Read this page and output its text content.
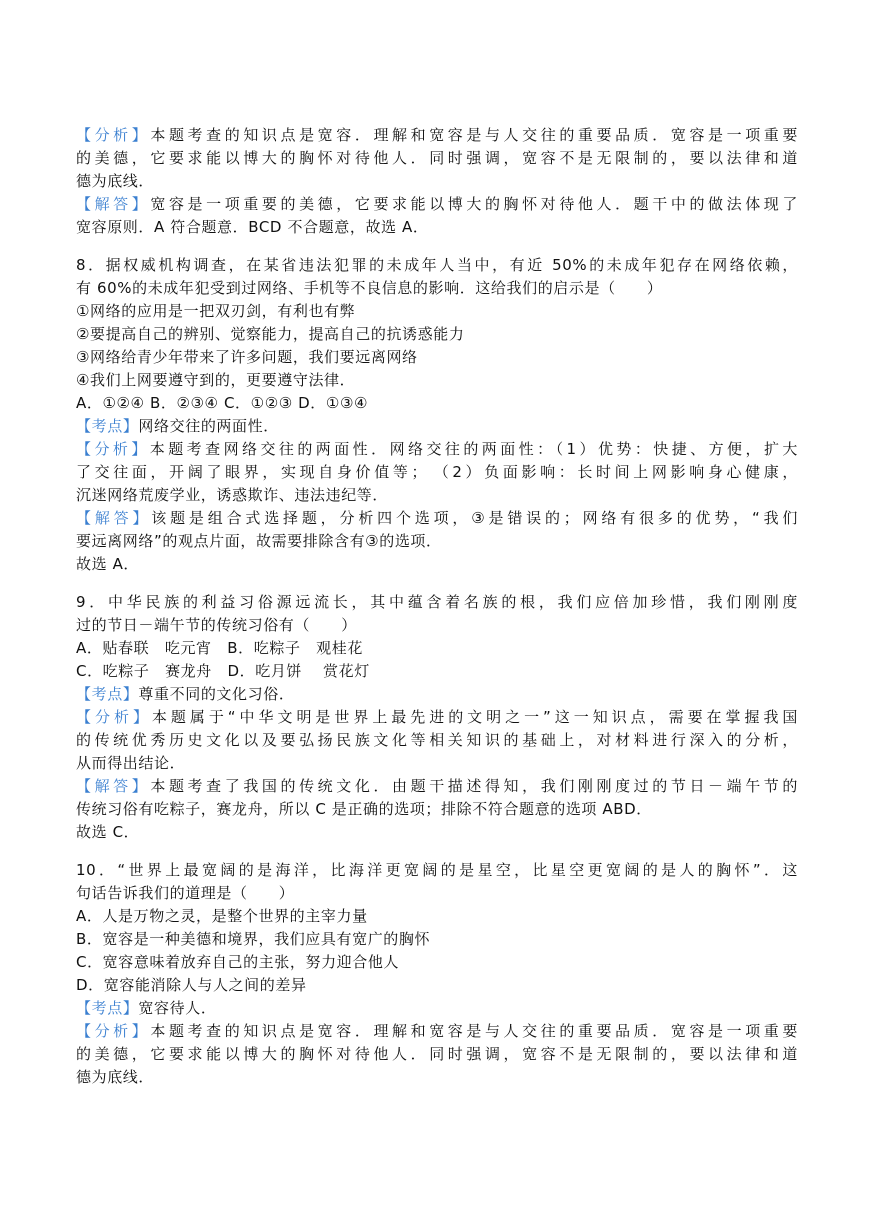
【分析】本题考查的知识点是宽容．理解和宽容是与人交往的重要品质．宽容是一项重要
的美德，它要求能以博大的胸怀对待他人．同时强调，宽容不是无限制的，要以法律和道
德为底线．
【解答】宽容是一项重要的美德，它要求能以博大的胸怀对待他人．题干中的做法体现了
宽容原则．A 符合题意．BCD 不合题意，故选 A．
8．据权威机构调查，在某省违法犯罪的未成年人当中，有近 50%的未成年犯存在网络依赖，
有 60%的未成年犯受到过网络、手机等不良信息的影响．这给我们的启示是（　　）
①网络的应用是一把双刃剑，有利也有弊
②要提高自己的辨别、觉察能力，提高自己的抗诱惑能力
③网络给青少年带来了许多问题，我们要远离网络
④我们上网要遵守到的，更要遵守法律．
A．①②④ B．②③④ C．①②③ D．①③④
【考点】网络交往的两面性．
【分析】本题考查网络交往的两面性．网络交往的两面性：（1）优势：快捷、方便，扩大
了交往面，开阔了眼界，实现自身价值等；　（2）负面影响：长时间上网影响身心健康，
沉迷网络荒废学业，诱惑欺诈、违法违纪等．
【解答】该题是组合式选择题，分析四个选项，③是错误的；网络有很多的优势，“我们
要远离网络”的观点片面，故需要排除含有③的选项．
故选 A．
9．中华民族的利益习俗源远流长，其中蕴含着名族的根，我们应倍加珍惜，我们刚刚度
过的节日－端午节的传统习俗有（　　）
A．贴春联　吃元宵　B．吃粽子　观桂花
C．吃粽子　赛龙舟　D．吃月饼　 赏花灯
【考点】尊重不同的文化习俗．
【分析】本题属于“中华文明是世界上最先进的文明之一”这一知识点，需要在掌握我国
的传统优秀历史文化以及要弘扬民族文化等相关知识的基础上，对材料进行深入的分析，
从而得出结论．
【解答】本题考查了我国的传统文化．由题干描述得知，我们刚刚度过的节日－端午节的
传统习俗有吃粽子，赛龙舟，所以 C 是正确的选项；排除不符合题意的选项 ABD．
故选 C．
10．“世界上最宽阔的是海洋，比海洋更宽阔的是星空，比星空更宽阔的是人的胸怀”．这
句话告诉我们的道理是（　　）
A．人是万物之灵，是整个世界的主宰力量
B．宽容是一种美德和境界，我们应具有宽广的胸怀
C．宽容意味着放弃自己的主张，努力迎合他人
D．宽容能消除人与人之间的差异
【考点】宽容待人．
【分析】本题考查的知识点是宽容．理解和宽容是与人交往的重要品质．宽容是一项重要
的美德，它要求能以博大的胸怀对待他人．同时强调，宽容不是无限制的，要以法律和道
德为底线．
